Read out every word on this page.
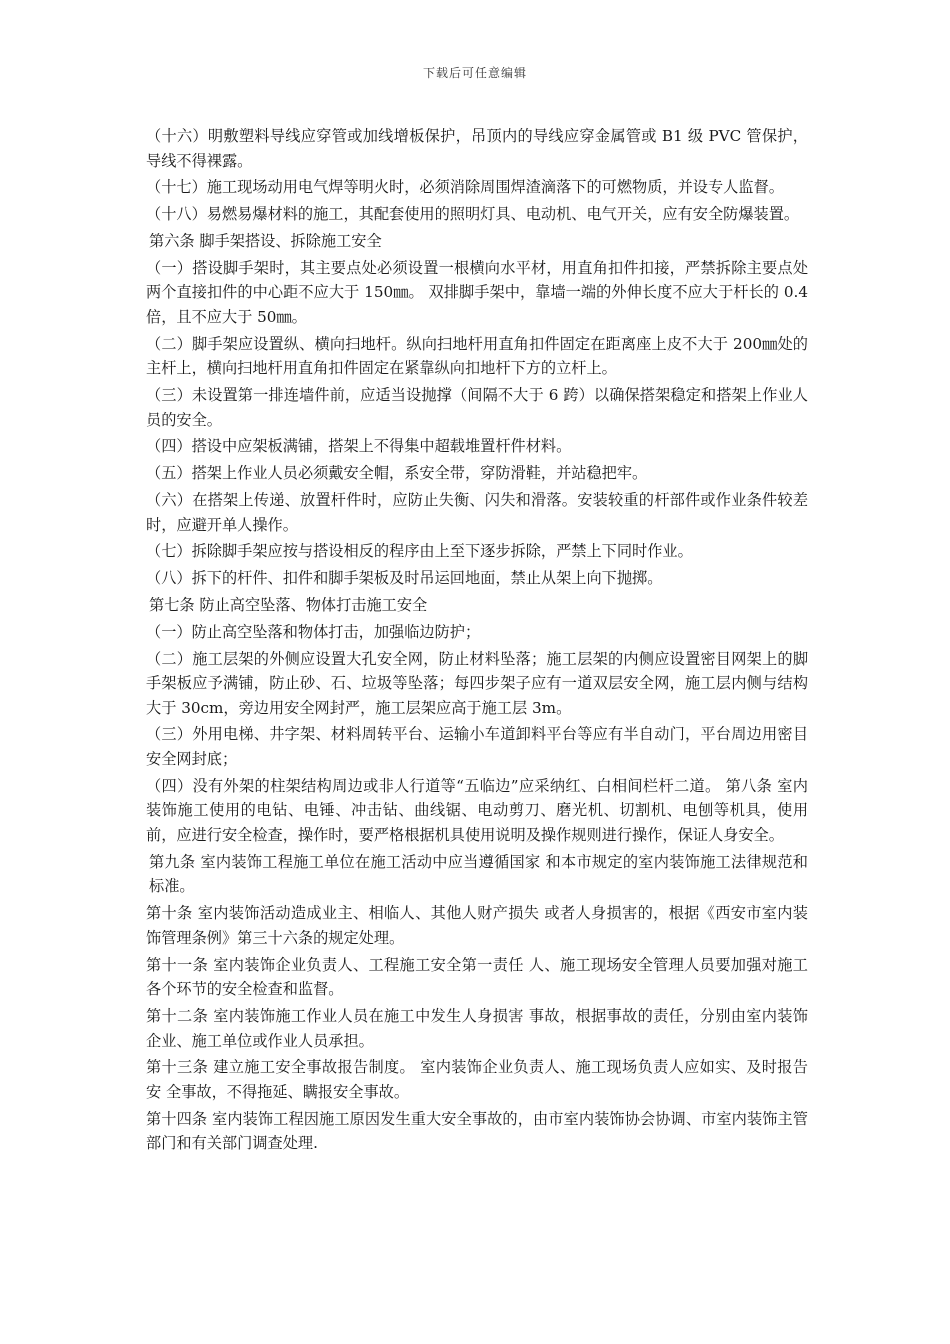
下载后可任意编辑

（十六）明敷塑料导线应穿管或加线增板保护，吊顶内的导线应穿金属管或 B1 级 PVC 管保护，导线不得裸露。

（十七）施工现场动用电气焊等明火时，必须消除周围焊渣滴落下的可燃物质，并设专人监督。

（十八）易燃易爆材料的施工，其配套使用的照明灯具、电动机、电气开关，应有安全防爆装置。

第六条 脚手架搭设、拆除施工安全

（一）搭设脚手架时，其主要点处必须设置一根横向水平材，用直角扣件扣接，严禁拆除主要点处两个直接扣件的中心距不应大于 150㎜。 双排脚手架中，靠墙一端的外伸长度不应大于杆长的 0.4 倍，且不应大于 50㎜。

（二）脚手架应设置纵、横向扫地杆。纵向扫地杆用直角扣件固定在距离座上皮不大于 200㎜处的主杆上，横向扫地杆用直角扣件固定在紧靠纵向扣地杆下方的立杆上。

（三）未设置第一排连墙件前，应适当设抛撑（间隔不大于 6 跨）以确保搭架稳定和搭架上作业人员的安全。

（四）搭设中应架板满铺，搭架上不得集中超载堆置杆件材料。

（五）搭架上作业人员必须戴安全帽，系安全带，穿防滑鞋，并站稳把牢。

（六）在搭架上传递、放置杆件时，应防止失衡、闪失和滑落。安装较重的杆部件或作业条件较差时，应避开单人操作。

（七）拆除脚手架应按与搭设相反的程序由上至下逐步拆除，严禁上下同时作业。

（八）拆下的杆件、扣件和脚手架板及时吊运回地面，禁止从架上向下抛掷。

第七条 防止高空坠落、物体打击施工安全

（一）防止高空坠落和物体打击，加强临边防护；

（二）施工层架的外侧应设置大孔安全网，防止材料坠落；施工层架的内侧应设置密目网架上的脚手架板应予满铺，防止砂、石、垃圾等坠落；每四步架子应有一道双层安全网，施工层内侧与结构大于 30cm，旁边用安全网封严，施工层架应高于施工层 3m。

（三）外用电梯、井字架、材料周转平台、运输小车道卸料平台等应有半自动门，平台周边用密目安全网封底；

（四）没有外架的柱架结构周边或非人行道等“五临边”应采纳红、白相间栏杆二道。 第八条 室内装饰施工使用的电钻、电锤、冲击钻、曲线锯、电动剪刀、磨光机、切割机、电刨等机具，使用前，应进行安全检查，操作时，要严格根据机具使用说明及操作规则进行操作，保证人身安全。

第九条 室内装饰工程施工单位在施工活动中应当遵循国家 和本市规定的室内装饰施工法律规范和标准。

第十条 室内装饰活动造成业主、相临人、其他人财产损失 或者人身损害的，根据《西安市室内装饰管理条例》第三十六条的规定处理。

第十一条 室内装饰企业负责人、工程施工安全第一责任 人、施工现场安全管理人员要加强对施工各个环节的安全检查和监督。

第十二条 室内装饰施工作业人员在施工中发生人身损害 事故，根据事故的责任，分别由室内装饰企业、施工单位或作业人员承担。

第十三条 建立施工安全事故报告制度。 室内装饰企业负责人、施工现场负责人应如实、及时报告安 全事故，不得拖延、瞒报安全事故。

第十四条 室内装饰工程因施工原因发生重大安全事故的，由市室内装饰协会协调、市室内装饰主管部门和有关部门调查处理.
